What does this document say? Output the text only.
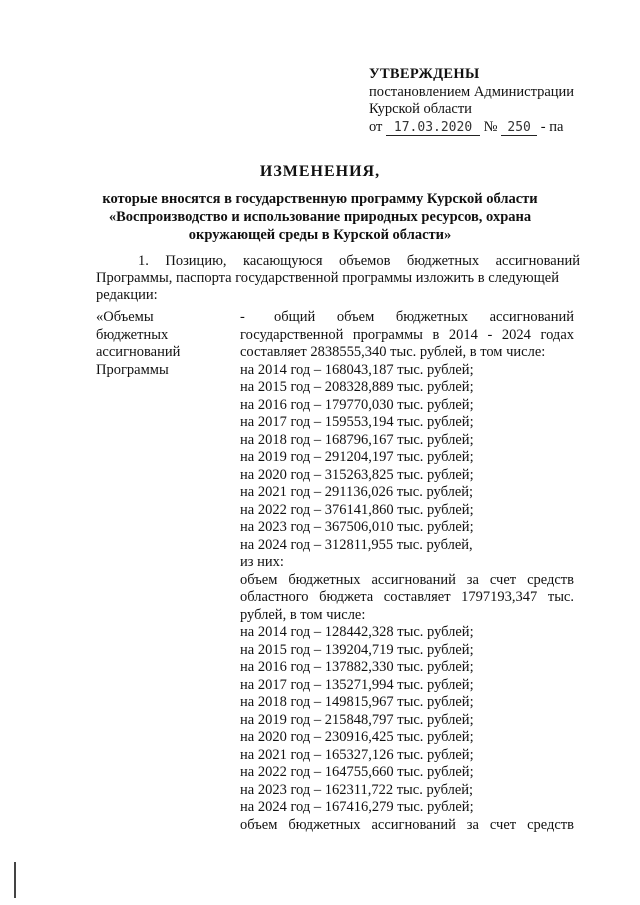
УТВЕРЖДЕНЫ
постановлением Администрации
Курской области
от 17.03.2020 № 250 - па
ИЗМЕНЕНИЯ,
которые вносятся в государственную программу Курской области
«Воспроизводство и использование природных ресурсов, охрана
окружающей среды в Курской области»
1. Позицию, касающуюся объемов бюджетных ассигнований
Программы, паспорта государственной программы изложить в следующей
редакции:
«Объемы
бюджетных
ассигнований
Программы
-	общий объем бюджетных ассигнований
государственной программы в 2014 - 2024 годах
составляет 2838555,340 тыс. рублей, в том числе:
на 2014 год – 168043,187 тыс. рублей;
на 2015 год – 208328,889 тыс. рублей;
на 2016 год – 179770,030 тыс. рублей;
на 2017 год – 159553,194 тыс. рублей;
на 2018 год – 168796,167 тыс. рублей;
на 2019 год – 291204,197 тыс. рублей;
на 2020 год – 315263,825 тыс. рублей;
на 2021 год – 291136,026 тыс. рублей;
на 2022 год – 376141,860 тыс. рублей;
на 2023 год – 367506,010 тыс. рублей;
на 2024 год – 312811,955 тыс. рублей,
из них:
объем бюджетных ассигнований за счет средств
областного бюджета составляет 1797193,347 тыс.
рублей, в том числе:
на 2014 год – 128442,328 тыс. рублей;
на 2015 год – 139204,719 тыс. рублей;
на 2016 год – 137882,330 тыс. рублей;
на 2017 год – 135271,994 тыс. рублей;
на 2018 год – 149815,967 тыс. рублей;
на 2019 год – 215848,797 тыс. рублей;
на 2020 год – 230916,425 тыс. рублей;
на 2021 год – 165327,126 тыс. рублей;
на 2022 год – 164755,660 тыс. рублей;
на 2023 год – 162311,722 тыс. рублей;
на 2024 год – 167416,279 тыс. рублей;
объем бюджетных ассигнований за счет средств
